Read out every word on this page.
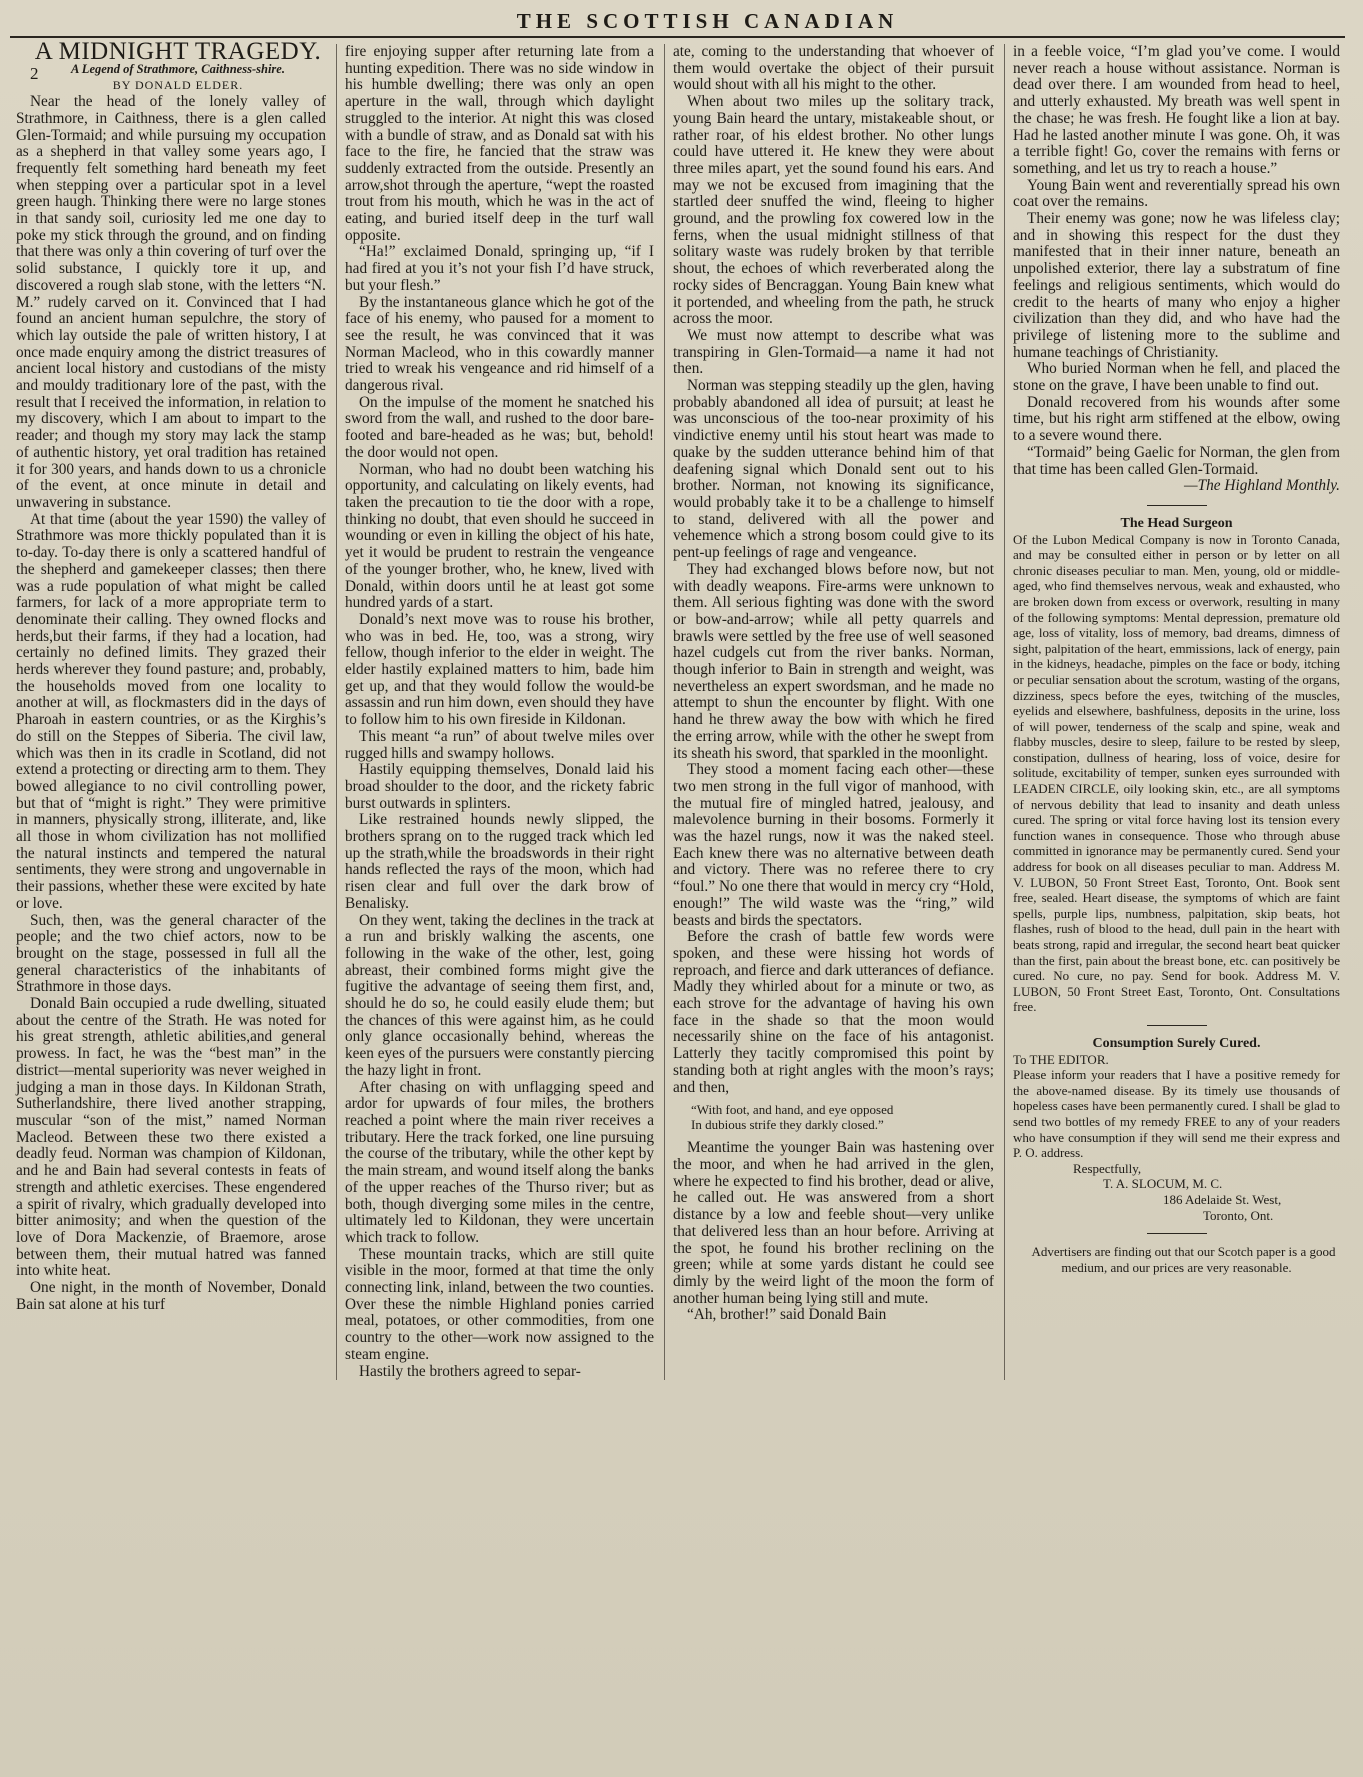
THE SCOTTISH CANADIAN
2

A MIDNIGHT TRAGEDY.

A Legend of Strathmore, Caithness-shire.

BY DONALD ELDER.

Near the head of the lonely valley of Strathmore, in Caithness, there is a glen called Glen-Tormaid; and while pursuing my occupation as a shepherd in that valley some years ago, I frequently felt something hard beneath my feet when stepping over a particular spot in a level green haugh. Thinking there were no large stones in that sandy soil, curiosity led me one day to poke my stick through the ground, and on finding that there was only a thin covering of turf over the solid substance, I quickly tore it up, and discovered a rough slab stone, with the letters “N. M.” rudely carved on it. Convinced that I had found an ancient human sepulchre, the story of which lay outside the pale of written history, I at once made enquiry among the district treasures of ancient local history and custodians of the misty and mouldy traditionary lore of the past, with the result that I received the information, in relation to my discovery, which I am about to impart to the reader; and though my story may lack the stamp of authentic history, yet oral tradition has retained it for 300 years, and hands down to us a chronicle of the event, at once minute in detail and unwavering in substance.

At that time (about the year 1590) the valley of Strathmore was more thickly populated than it is to-day. To-day there is only a scattered handful of the shepherd and gamekeeper classes; then there was a rude population of what might be called farmers, for lack of a more appropriate term to denominate their calling. They owned flocks and herds,but their farms, if they had a location, had certainly no defined limits. They grazed their herds wherever they found pasture; and, probably, the households moved from one locality to another at will, as flockmasters did in the days of Pharoah in eastern countries, or as the Kirghis’s do still on the Steppes of Siberia. The civil law, which was then in its cradle in Scotland, did not extend a protecting or directing arm to them. They bowed allegiance to no civil controlling power, but that of “might is right.” They were primitive in manners, physically strong, illiterate, and, like all those in whom civilization has not mollified the natural instincts and tempered the natural sentiments, they were strong and ungovernable in their passions, whether these were excited by hate or love.

Such, then, was the general character of the people; and the two chief actors, now to be brought on the stage, possessed in full all the general characteristics of the inhabitants of Strathmore in those days.

Donald Bain occupied a rude dwelling, situated about the centre of the Strath. He was noted for his great strength, athletic abilities,and general prowess. In fact, he was the “best man” in the district—mental superiority was never weighed in judging a man in those days. In Kildonan Strath, Sutherlandshire, there lived another strapping, muscular “son of the mist,” named Norman Macleod. Between these two there existed a deadly feud. Norman was champion of Kildonan, and he and Bain had several contests in feats of strength and athletic exercises. These engendered a spirit of rivalry, which gradually developed into bitter animosity; and when the question of the love of Dora Mackenzie, of Braemore, arose between them, their mutual hatred was fanned into white heat.

One night, in the month of November, Donald Bain sat alone at his turf

fire enjoying supper after returning late from a hunting expedition. There was no side window in his humble dwelling; there was only an open aperture in the wall, through which daylight struggled to the interior. At night this was closed with a bundle of straw, and as Donald sat with his face to the fire, he fancied that the straw was suddenly extracted from the outside. Presently an arrow,shot through the aperture, “wept the roasted trout from his mouth, which he was in the act of eating, and buried itself deep in the turf wall opposite.

“Ha!” exclaimed Donald, springing up, “if I had fired at you it’s not your fish I’d have struck, but your flesh.”

By the instantaneous glance which he got of the face of his enemy, who paused for a moment to see the result, he was convinced that it was Norman Macleod, who in this cowardly manner tried to wreak his vengeance and rid himself of a dangerous rival.

On the impulse of the moment he snatched his sword from the wall, and rushed to the door bare-footed and bare-headed as he was; but, behold! the door would not open.

Norman, who had no doubt been watching his opportunity, and calculating on likely events, had taken the precaution to tie the door with a rope, thinking no doubt, that even should he succeed in wounding or even in killing the object of his hate, yet it would be prudent to restrain the vengeance of the younger brother, who, he knew, lived with Donald, within doors until he at least got some hundred yards of a start.

Donald’s next move was to rouse his brother, who was in bed. He, too, was a strong, wiry fellow, though inferior to the elder in weight. The elder hastily explained matters to him, bade him get up, and that they would follow the would-be assassin and run him down, even should they have to follow him to his own fireside in Kildonan.

This meant “a run” of about twelve miles over rugged hills and swampy hollows.

Hastily equipping themselves, Donald laid his broad shoulder to the door, and the rickety fabric burst outwards in splinters.

Like restrained hounds newly slipped, the brothers sprang on to the rugged track which led up the strath,while the broadswords in their right hands reflected the rays of the moon, which had risen clear and full over the dark brow of Benalisky.

On they went, taking the declines in the track at a run and briskly walking the ascents, one following in the wake of the other, lest, going abreast, their combined forms might give the fugitive the advantage of seeing them first, and, should he do so, he could easily elude them; but the chances of this were against him, as he could only glance occasionally behind, whereas the keen eyes of the pursuers were constantly piercing the hazy light in front.

After chasing on with unflagging speed and ardor for upwards of four miles, the brothers reached a point where the main river receives a tributary. Here the track forked, one line pursuing the course of the tributary, while the other kept by the main stream, and wound itself along the banks of the upper reaches of the Thurso river; but as both, though diverging some miles in the centre, ultimately led to Kildonan, they were uncertain which track to follow.

These mountain tracks, which are still quite visible in the moor, formed at that time the only connecting link, inland, between the two counties. Over these the nimble Highland ponies carried meal, potatoes, or other commodities, from one country to the other—work now assigned to the steam engine.

Hastily the brothers agreed to separ-

ate, coming to the understanding that whoever of them would overtake the object of their pursuit would shout with all his might to the other.

When about two miles up the solitary track, young Bain heard the untary, mistakeable shout, or rather roar, of his eldest brother. No other lungs could have uttered it. He knew they were about three miles apart, yet the sound found his ears. And may we not be excused from imagining that the startled deer snuffed the wind, fleeing to higher ground, and the prowling fox cowered low in the ferns, when the usual midnight stillness of that solitary waste was rudely broken by that terrible shout, the echoes of which reverberated along the rocky sides of Bencraggan. Young Bain knew what it portended, and wheeling from the path, he struck across the moor.

We must now attempt to describe what was transpiring in Glen-Tormaid—a name it had not then.

Norman was stepping steadily up the glen, having probably abandoned all idea of pursuit; at least he was unconscious of the too-near proximity of his vindictive enemy until his stout heart was made to quake by the sudden utterance behind him of that deafening signal which Donald sent out to his brother. Norman, not knowing its significance, would probably take it to be a challenge to himself to stand, delivered with all the power and vehemence which a strong bosom could give to its pent-up feelings of rage and vengeance.

They had exchanged blows before now, but not with deadly weapons. Fire-arms were unknown to them. All serious fighting was done with the sword or bow-and-arrow; while all petty quarrels and brawls were settled by the free use of well seasoned hazel cudgels cut from the river banks. Norman, though inferior to Bain in strength and weight, was nevertheless an expert swordsman, and he made no attempt to shun the encounter by flight. With one hand he threw away the bow with which he fired the erring arrow, while with the other he swept from its sheath his sword, that sparkled in the moonlight.

They stood a moment facing each other—these two men strong in the full vigor of manhood, with the mutual fire of mingled hatred, jealousy, and malevolence burning in their bosoms. Formerly it was the hazel rungs, now it was the naked steel. Each knew there was no alternative between death and victory. There was no referee there to cry “foul.” No one there that would in mercy cry “Hold, enough!” The wild waste was the “ring,” wild beasts and birds the spectators.

Before the crash of battle few words were spoken, and these were hissing hot words of reproach, and fierce and dark utterances of defiance. Madly they whirled about for a minute or two, as each strove for the advantage of having his own face in the shade so that the moon would necessarily shine on the face of his antagonist. Latterly they tacitly compromised this point by standing both at right angles with the moon’s rays; and then,

“With foot, and hand, and eye opposed
In dubious strife they darkly closed.”

Meantime the younger Bain was hastening over the moor, and when he had arrived in the glen, where he expected to find his brother, dead or alive, he called out. He was answered from a short distance by a low and feeble shout—very unlike that delivered less than an hour before. Arriving at the spot, he found his brother reclining on the green; while at some yards distant he could see dimly by the weird light of the moon the form of another human being lying still and mute.

“Ah, brother!” said Donald Bain

in a feeble voice, “I’m glad you’ve come. I would never reach a house without assistance. Norman is dead over there. I am wounded from head to heel, and utterly exhausted. My breath was well spent in the chase; he was fresh. He fought like a lion at bay. Had he lasted another minute I was gone. Oh, it was a terrible fight! Go, cover the remains with ferns or something, and let us try to reach a house.”

Young Bain went and reverentially spread his own coat over the remains.

Their enemy was gone; now he was lifeless clay; and in showing this respect for the dust they manifested that in their inner nature, beneath an unpolished exterior, there lay a substratum of fine feelings and religious sentiments, which would do credit to the hearts of many who enjoy a higher civilization than they did, and who have had the privilege of listening more to the sublime and humane teachings of Christianity.

Who buried Norman when he fell, and placed the stone on the grave, I have been unable to find out.

Donald recovered from his wounds after some time, but his right arm stiffened at the elbow, owing to a severe wound there.

“Tormaid” being Gaelic for Norman, the glen from that time has been called Glen-Tormaid.

—The Highland Monthly.

The Head Surgeon

Of the Lubon Medical Company is now in Toronto Canada, and may be consulted either in person or by letter on all chronic diseases peculiar to man. Men, young, old or middle-aged, who find themselves nervous, weak and exhausted, who are broken down from excess or overwork, resulting in many of the following symptoms: Mental depression, premature old age, loss of vitality, loss of memory, bad dreams, dimness of sight, palpitation of the heart, emmissions, lack of energy, pain in the kidneys, headache, pimples on the face or body, itching or peculiar sensation about the scrotum, wasting of the organs, dizziness, specs before the eyes, twitching of the muscles, eyelids and elsewhere, bashfulness, deposits in the urine, loss of will power, tenderness of the scalp and spine, weak and flabby muscles, desire to sleep, failure to be rested by sleep, constipation, dullness of hearing, loss of voice, desire for solitude, excitability of temper, sunken eyes surrounded with LEADEN CIRCLE, oily looking skin, etc., are all symptoms of nervous debility that lead to insanity and death unless cured. The spring or vital force having lost its tension every function wanes in consequence. Those who through abuse committed in ignorance may be permanently cured. Send your address for book on all diseases peculiar to man. Address M. V. LUBON, 50 Front Street East, Toronto, Ont. Book sent free, sealed. Heart disease, the symptoms of which are faint spells, purple lips, numbness, palpitation, skip beats, hot flashes, rush of blood to the head, dull pain in the heart with beats strong, rapid and irregular, the second heart beat quicker than the first, pain about the breast bone, etc. can positively be cured. No cure, no pay. Send for book. Address M. V. LUBON, 50 Front Street East, Toronto, Ont. Consultations free.

Consumption Surely Cured.

To THE EDITOR.

Please inform your readers that I have a positive remedy for the above-named disease. By its timely use thousands of hopeless cases have been permanently cured. I shall be glad to send two bottles of my remedy FREE to any of your readers who have consumption if they will send me their express and P. O. address.

Respectfully,

T. A. SLOCUM, M. C.

186 Adelaide St. West,

Toronto, Ont.

Advertisers are finding out that our Scotch paper is a good medium, and our prices are very reasonable.
